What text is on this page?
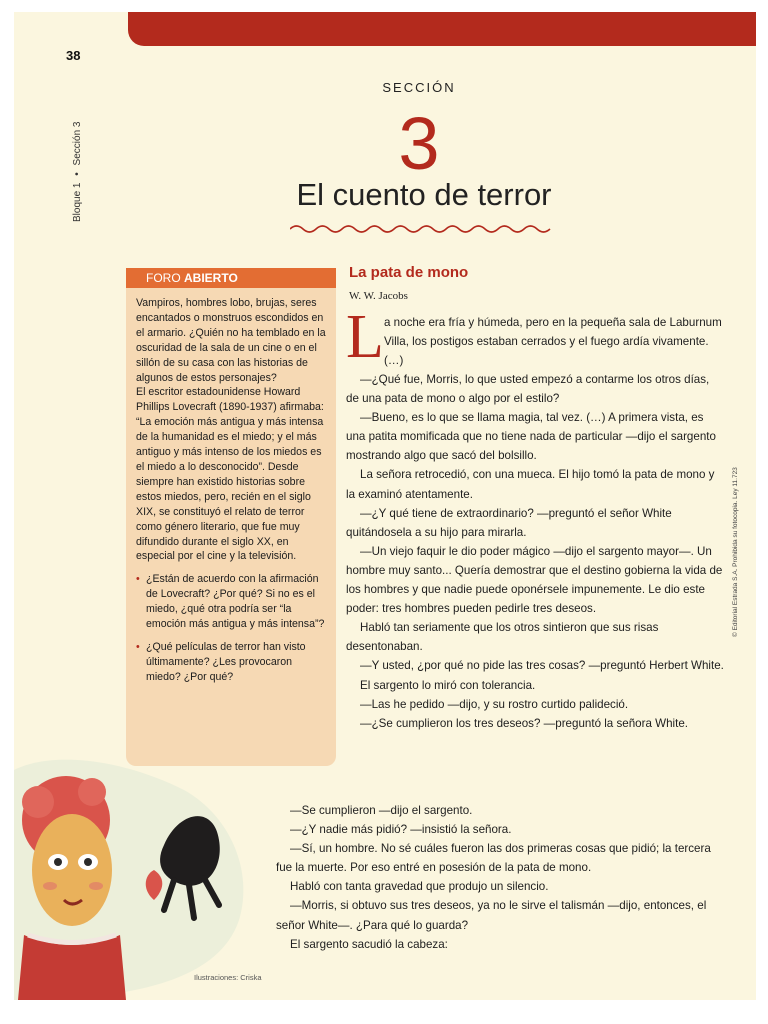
38
Bloque 1 • Sección 3
SECCIÓN
3
El cuento de terror
FORO ABIERTO

Vampiros, hombres lobo, brujas, seres encantados o monstruos escondidos en el armario. ¿Quién no ha temblado en la oscuridad de la sala de un cine o en el sillón de su casa con las historias de algunos de estos personajes?

El escritor estadounidense Howard Phillips Lovecraft (1890-1937) afirmaba: “La emoción más antigua y más intensa de la humanidad es el miedo; y el más antiguo y más intenso de los miedos es el miedo a lo desconocido”. Desde siempre han existido historias sobre estos miedos, pero, recién en el siglo XIX, se constituyó el relato de terror como género literario, que fue muy difundido durante el siglo XX, en especial por el cine y la televisión.

• ¿Están de acuerdo con la afirmación de Lovecraft? ¿Por qué? Si no es el miedo, ¿qué otra podría ser “la emoción más antigua y más intensa”?

• ¿Qué películas de terror han visto últimamente? ¿Les provocaron miedo? ¿Por qué?

La pata de mono
W. W. Jacobs
L a noche era fría y húmeda, pero en la pequeña sala de Laburnum Villa, los postigos estaban cerrados y el fuego ardía vivamente. (…)

—¿Qué fue, Morris, lo que usted empezó a contarme los otros días, de una pata de mono o algo por el estilo?

—Bueno, es lo que se llama magia, tal vez. (…) A primera vista, es una patita momificada que no tiene nada de particular —dijo el sargento mostrando algo que sacó del bolsillo.

La señora retrocedió, con una mueca. El hijo tomó la pata de mono y la examinó atentamente.

—¿Y qué tiene de extraordinario? —preguntó el señor White quitándosela a su hijo para mirarla.

—Un viejo faquir le dio poder mágico —dijo el sargento mayor—. Un hombre muy santo... Quería demostrar que el destino gobierna la vida de los hombres y que nadie puede oponérsele impunemente. Le dio este poder: tres hombres pueden pedirle tres deseos.

Habló tan seriamente que los otros sintieron que sus risas desentonaban.

—Y usted, ¿por qué no pide las tres cosas? —preguntó Herbert White.

El sargento lo miró con tolerancia.

—Las he pedido —dijo, y su rostro curtido palideció.

—¿Se cumplieron los tres deseos? —preguntó la señora White.

—Se cumplieron —dijo el sargento.

—¿Y nadie más pidió? —insistió la señora.

—Sí, un hombre. No sé cuáles fueron las dos primeras cosas que pidió; la tercera fue la muerte. Por eso entré en posesión de la pata de mono.

Habló con tanta gravedad que produjo un silencio.

—Morris, si obtuvo sus tres deseos, ya no le sirve el talismán —dijo, entonces, el señor White—. ¿Para qué lo guarda?

El sargento sacudió la cabeza:

Ilustraciones: Criska
© Editorial Estrada S.A. Prohibida su fotocopia. Ley 11.723
